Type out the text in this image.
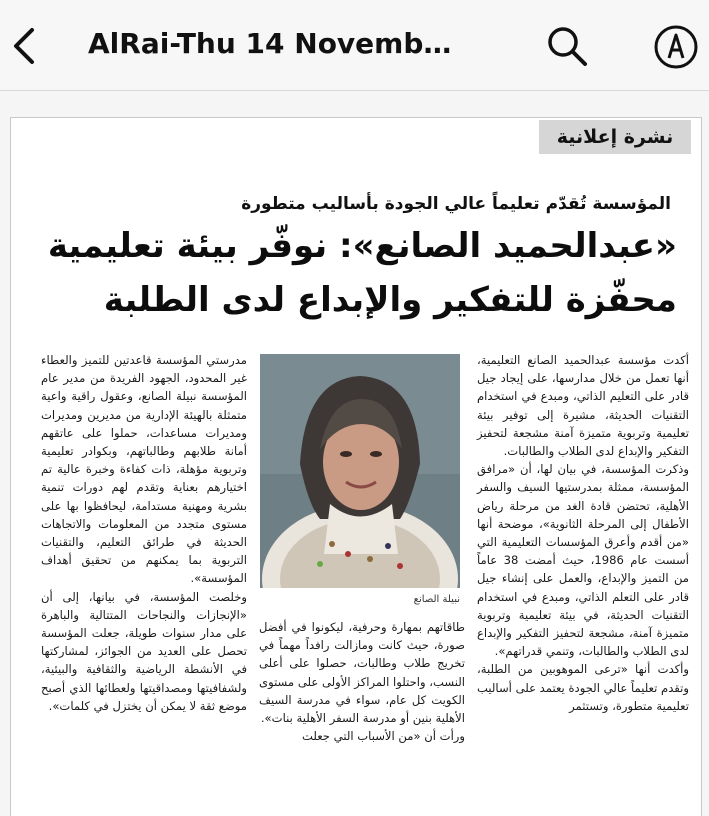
AlRai-Thu 14 Novemb…
نشرة إعلانية
المؤسسة تُقدّم تعليماً عالي الجودة بأساليب متطورة
«عبدالحميد الصانع»: نوفّر بيئة تعليمية
محفّزة للتفكير والإبداع لدى الطلبة

أكدت مؤسسة عبدالحميد الصانع التعليمية، أنها تعمل من خلال مدارسها، على إيجاد جيل قادر على التعليم الذاتي، ومبدع في استخدام التقنيات الحديثة، مشيرة إلى توفير بيئة تعليمية وتربوية متميزة آمنة مشجعة لتحفيز التفكير والإبداع لدى الطلاب والطالبات.

وذكرت المؤسسة، في بيان لها، أن «مرافق المؤسسة، ممثلة بمدرستيها السيف والسفر الأهلية، تحتضن قادة الغد من مرحلة رياض الأطفال إلى المرحلة الثانوية»، موضحة أنها «من أقدم وأعرق المؤسسات التعليمية التي أسست عام 1986، حيث أمضت 38 عاماً من التميز والإبداع، والعمل على إنشاء جيل قادر على التعلم الذاتي، ومبدع في استخدام التقنيات الحديثة، في بيئة تعليمية وتربوية متميزة آمنة، مشجعة لتحفيز التفكير والإبداع لدى الطلاب والطالبات، وتنمي قدراتهم».

وأكدت أنها «ترعى الموهوبين من الطلبة، وتقدم تعليماً عالي الجودة يعتمد على أساليب تعليمية متطورة، وتستثمر

نبيلة الصانع

طاقاتهم بمهارة وحرفية، ليكونوا في أفضل صورة، حيث كانت ومازالت رافداً مهماً في تخريج طلاب وطالبات، حصلوا على أعلى النسب، واحتلوا المراكز الأولى على مستوى الكويت كل عام، سواء في مدرسة السيف الأهلية بنين أو مدرسة السفر الأهلية بنات».

ورأت أن «من الأسباب التي جعلت

مدرستي المؤسسة قاعدتين للتميز والعطاء غير المحدود، الجهود الفريدة من مدير عام المؤسسة نبيلة الصانع، وعقول راقية واعية متمثلة بالهيئة الإدارية من مديرين ومديرات ومديرات مساعدات، حملوا على عاتقهم أمانة طلابهم وطالباتهم، وبكوادر تعليمية وتربوية مؤهلة، ذات كفاءة وخبرة عالية تم اختيارهم بعناية وتقدم لهم دورات تنمية بشرية ومهنية مستدامة، ليحافظوا بها على مستوى متجدد من المعلومات والاتجاهات الحديثة في طرائق التعليم، والتقنيات التربوية بما يمكنهم من تحقيق أهداف المؤسسة».

وخلصت المؤسسة، في بيانها، إلى أن «الإنجازات والنجاحات المتتالية والباهرة على مدار سنوات طويلة، جعلت المؤسسة تحصل على العديد من الجوائز، لمشاركتها في الأنشطة الرياضية والثقافية والبيئية، ولشفافيتها ومصداقيتها ولعطائها الذي أصبح موضع ثقة لا يمكن أن يختزل في كلمات».
